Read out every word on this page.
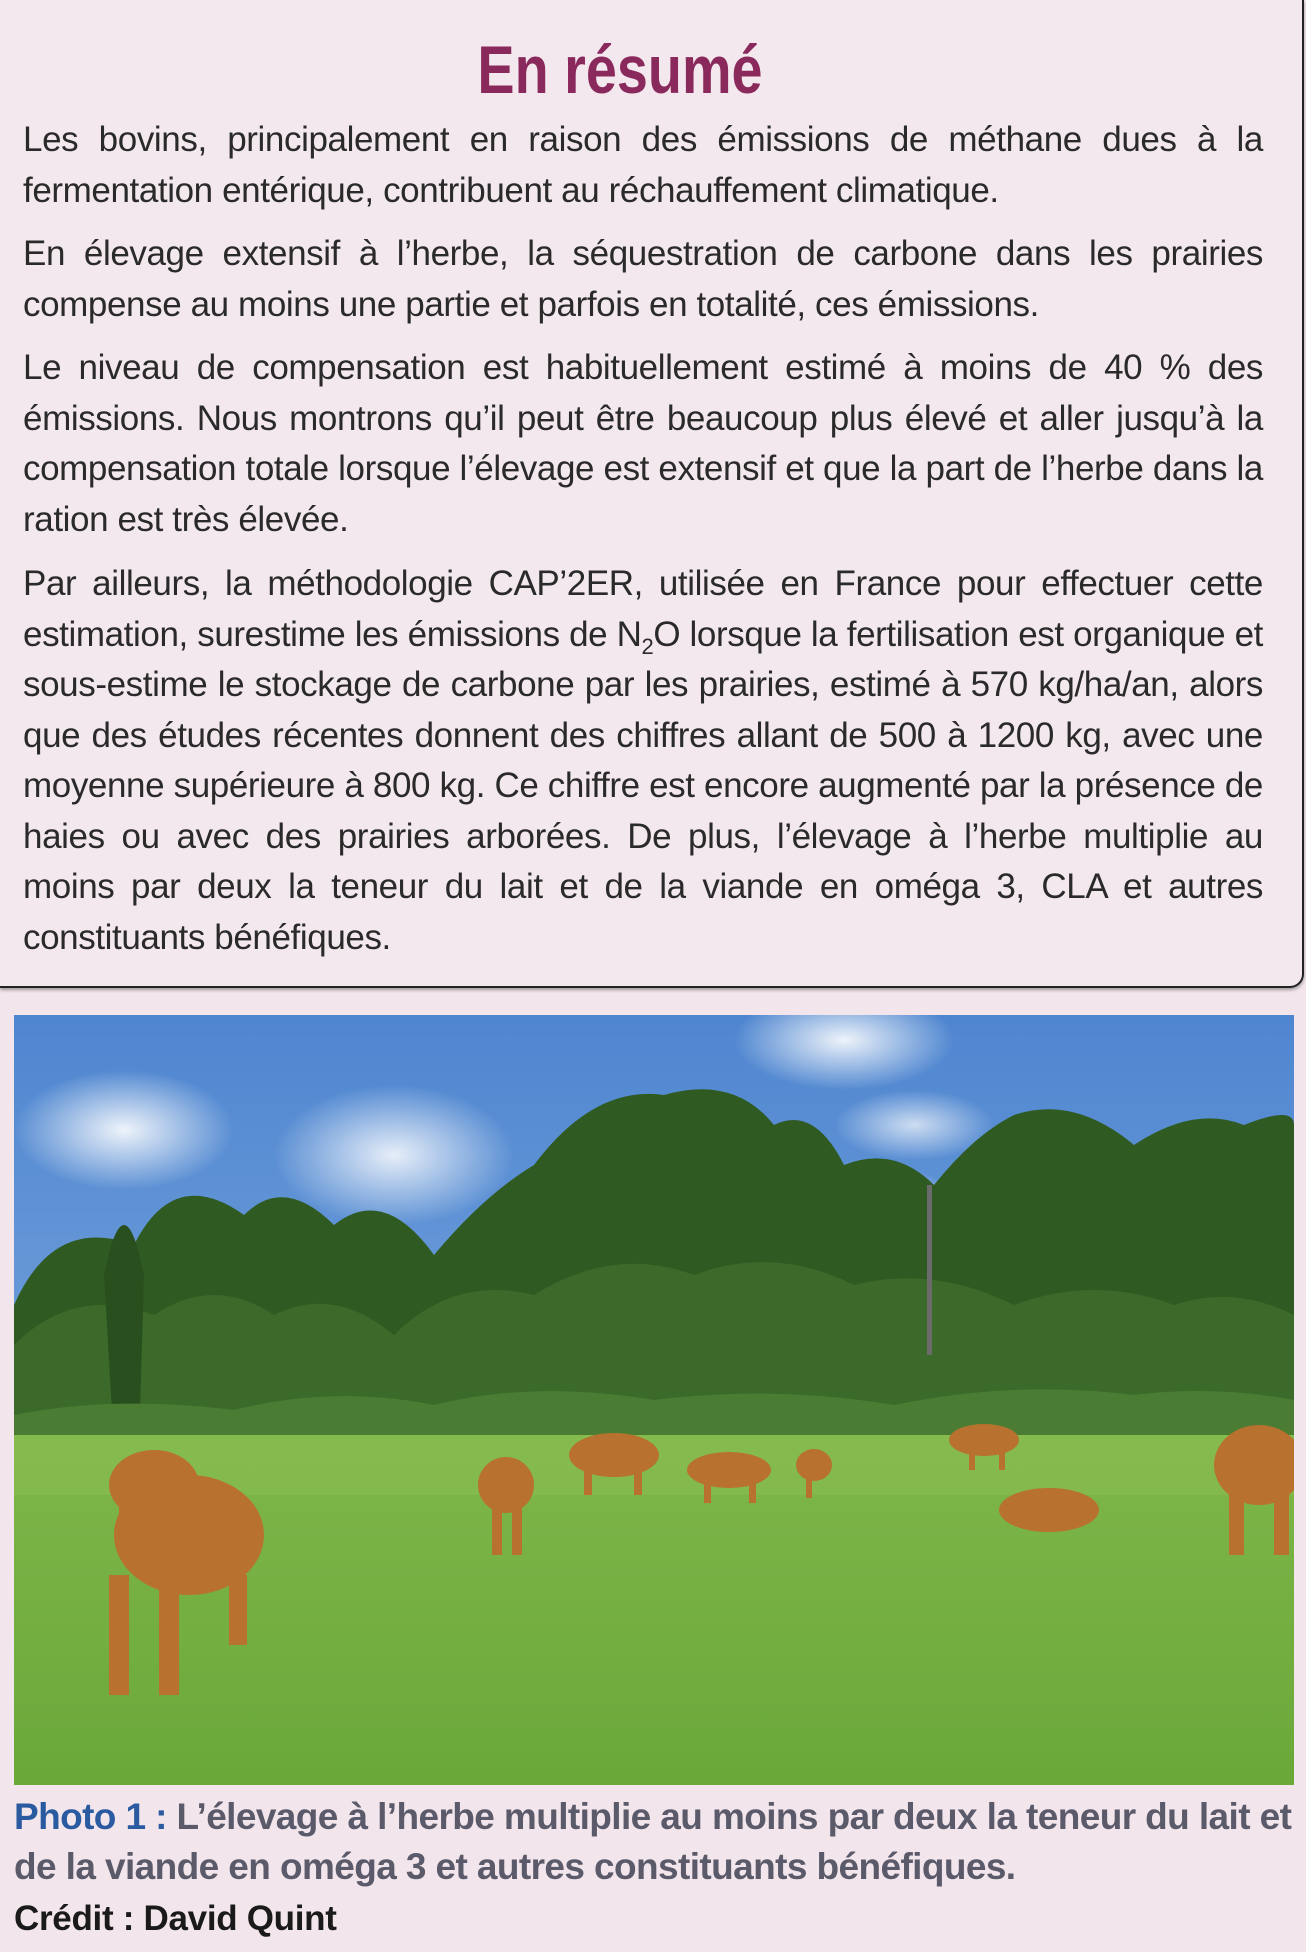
En résumé

Les bovins, principalement en raison des émissions de méthane dues à la fermentation entérique, contribuent au réchauffement climatique.

En élevage extensif à l’herbe, la séquestration de carbone dans les prairies compense au moins une partie et parfois en totalité, ces émissions.

Le niveau de compensation est habituellement estimé à moins de 40 % des émissions. Nous montrons qu’il peut être beaucoup plus élevé et aller jusqu’à la compensation totale lorsque l’élevage est extensif et que la part de l’herbe dans la ration est très élevée.

Par ailleurs, la méthodologie CAP’2ER, utilisée en France pour effectuer cette estimation, surestime les émissions de $N_2O$ lorsque la fertilisation est organique et sous-estime le stockage de carbone par les prairies, estimé à 570 kg/ha/an, alors que des études récentes donnent des chiffres allant de 500 à 1200 kg, avec une moyenne supérieure à 800 kg. Ce chiffre est encore augmenté par la présence de haies ou avec des prairies arborées. De plus, l’élevage à l’herbe multiplie au moins par deux la teneur du lait et de la viande en oméga 3, CLA et autres constituants bénéfiques.

Photo 1 : L’élevage à l’herbe multiplie au moins par deux la teneur du lait et de la viande en oméga 3 et autres constituants bénéfiques.

Crédit : David Quint
